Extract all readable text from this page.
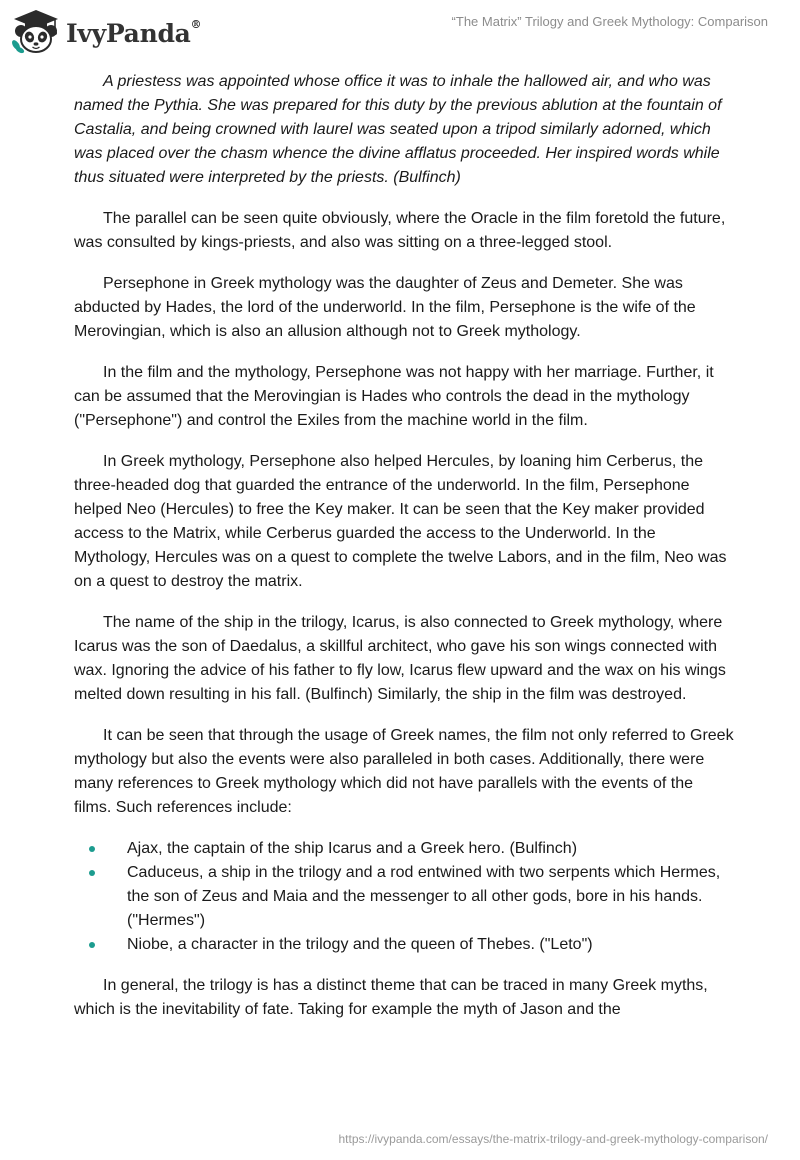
IvyPanda®	“The Matrix” Trilogy and Greek Mythology: Comparison

A priestess was appointed whose office it was to inhale the hallowed air, and who was named the Pythia. She was prepared for this duty by the previous ablution at the fountain of Castalia, and being crowned with laurel was seated upon a tripod similarly adorned, which was placed over the chasm whence the divine afflatus proceeded. Her inspired words while thus situated were interpreted by the priests. (Bulfinch)

The parallel can be seen quite obviously, where the Oracle in the film foretold the future, was consulted by kings-priests, and also was sitting on a three-legged stool.

Persephone in Greek mythology was the daughter of Zeus and Demeter. She was abducted by Hades, the lord of the underworld. In the film, Persephone is the wife of the Merovingian, which is also an allusion although not to Greek mythology.

In the film and the mythology, Persephone was not happy with her marriage. Further, it can be assumed that the Merovingian is Hades who controls the dead in the mythology ("Persephone") and control the Exiles from the machine world in the film.

In Greek mythology, Persephone also helped Hercules, by loaning him Cerberus, the three-headed dog that guarded the entrance of the underworld. In the film, Persephone helped Neo (Hercules) to free the Key maker. It can be seen that the Key maker provided access to the Matrix, while Cerberus guarded the access to the Underworld. In the Mythology, Hercules was on a quest to complete the twelve Labors, and in the film, Neo was on a quest to destroy the matrix.

The name of the ship in the trilogy, Icarus, is also connected to Greek mythology, where Icarus was the son of Daedalus, a skillful architect, who gave his son wings connected with wax. Ignoring the advice of his father to fly low, Icarus flew upward and the wax on his wings melted down resulting in his fall. (Bulfinch) Similarly, the ship in the film was destroyed.

It can be seen that through the usage of Greek names, the film not only referred to Greek mythology but also the events were also paralleled in both cases. Additionally, there were many references to Greek mythology which did not have parallels with the events of the films. Such references include:

Ajax, the captain of the ship Icarus and a Greek hero. (Bulfinch)
Caduceus, a ship in the trilogy and a rod entwined with two serpents which Hermes, the son of Zeus and Maia and the messenger to all other gods, bore in his hands. ("Hermes")
Niobe, a character in the trilogy and the queen of Thebes. ("Leto")

In general, the trilogy is has a distinct theme that can be traced in many Greek myths, which is the inevitability of fate. Taking for example the myth of Jason and the

https://ivypanda.com/essays/the-matrix-trilogy-and-greek-mythology-comparison/
